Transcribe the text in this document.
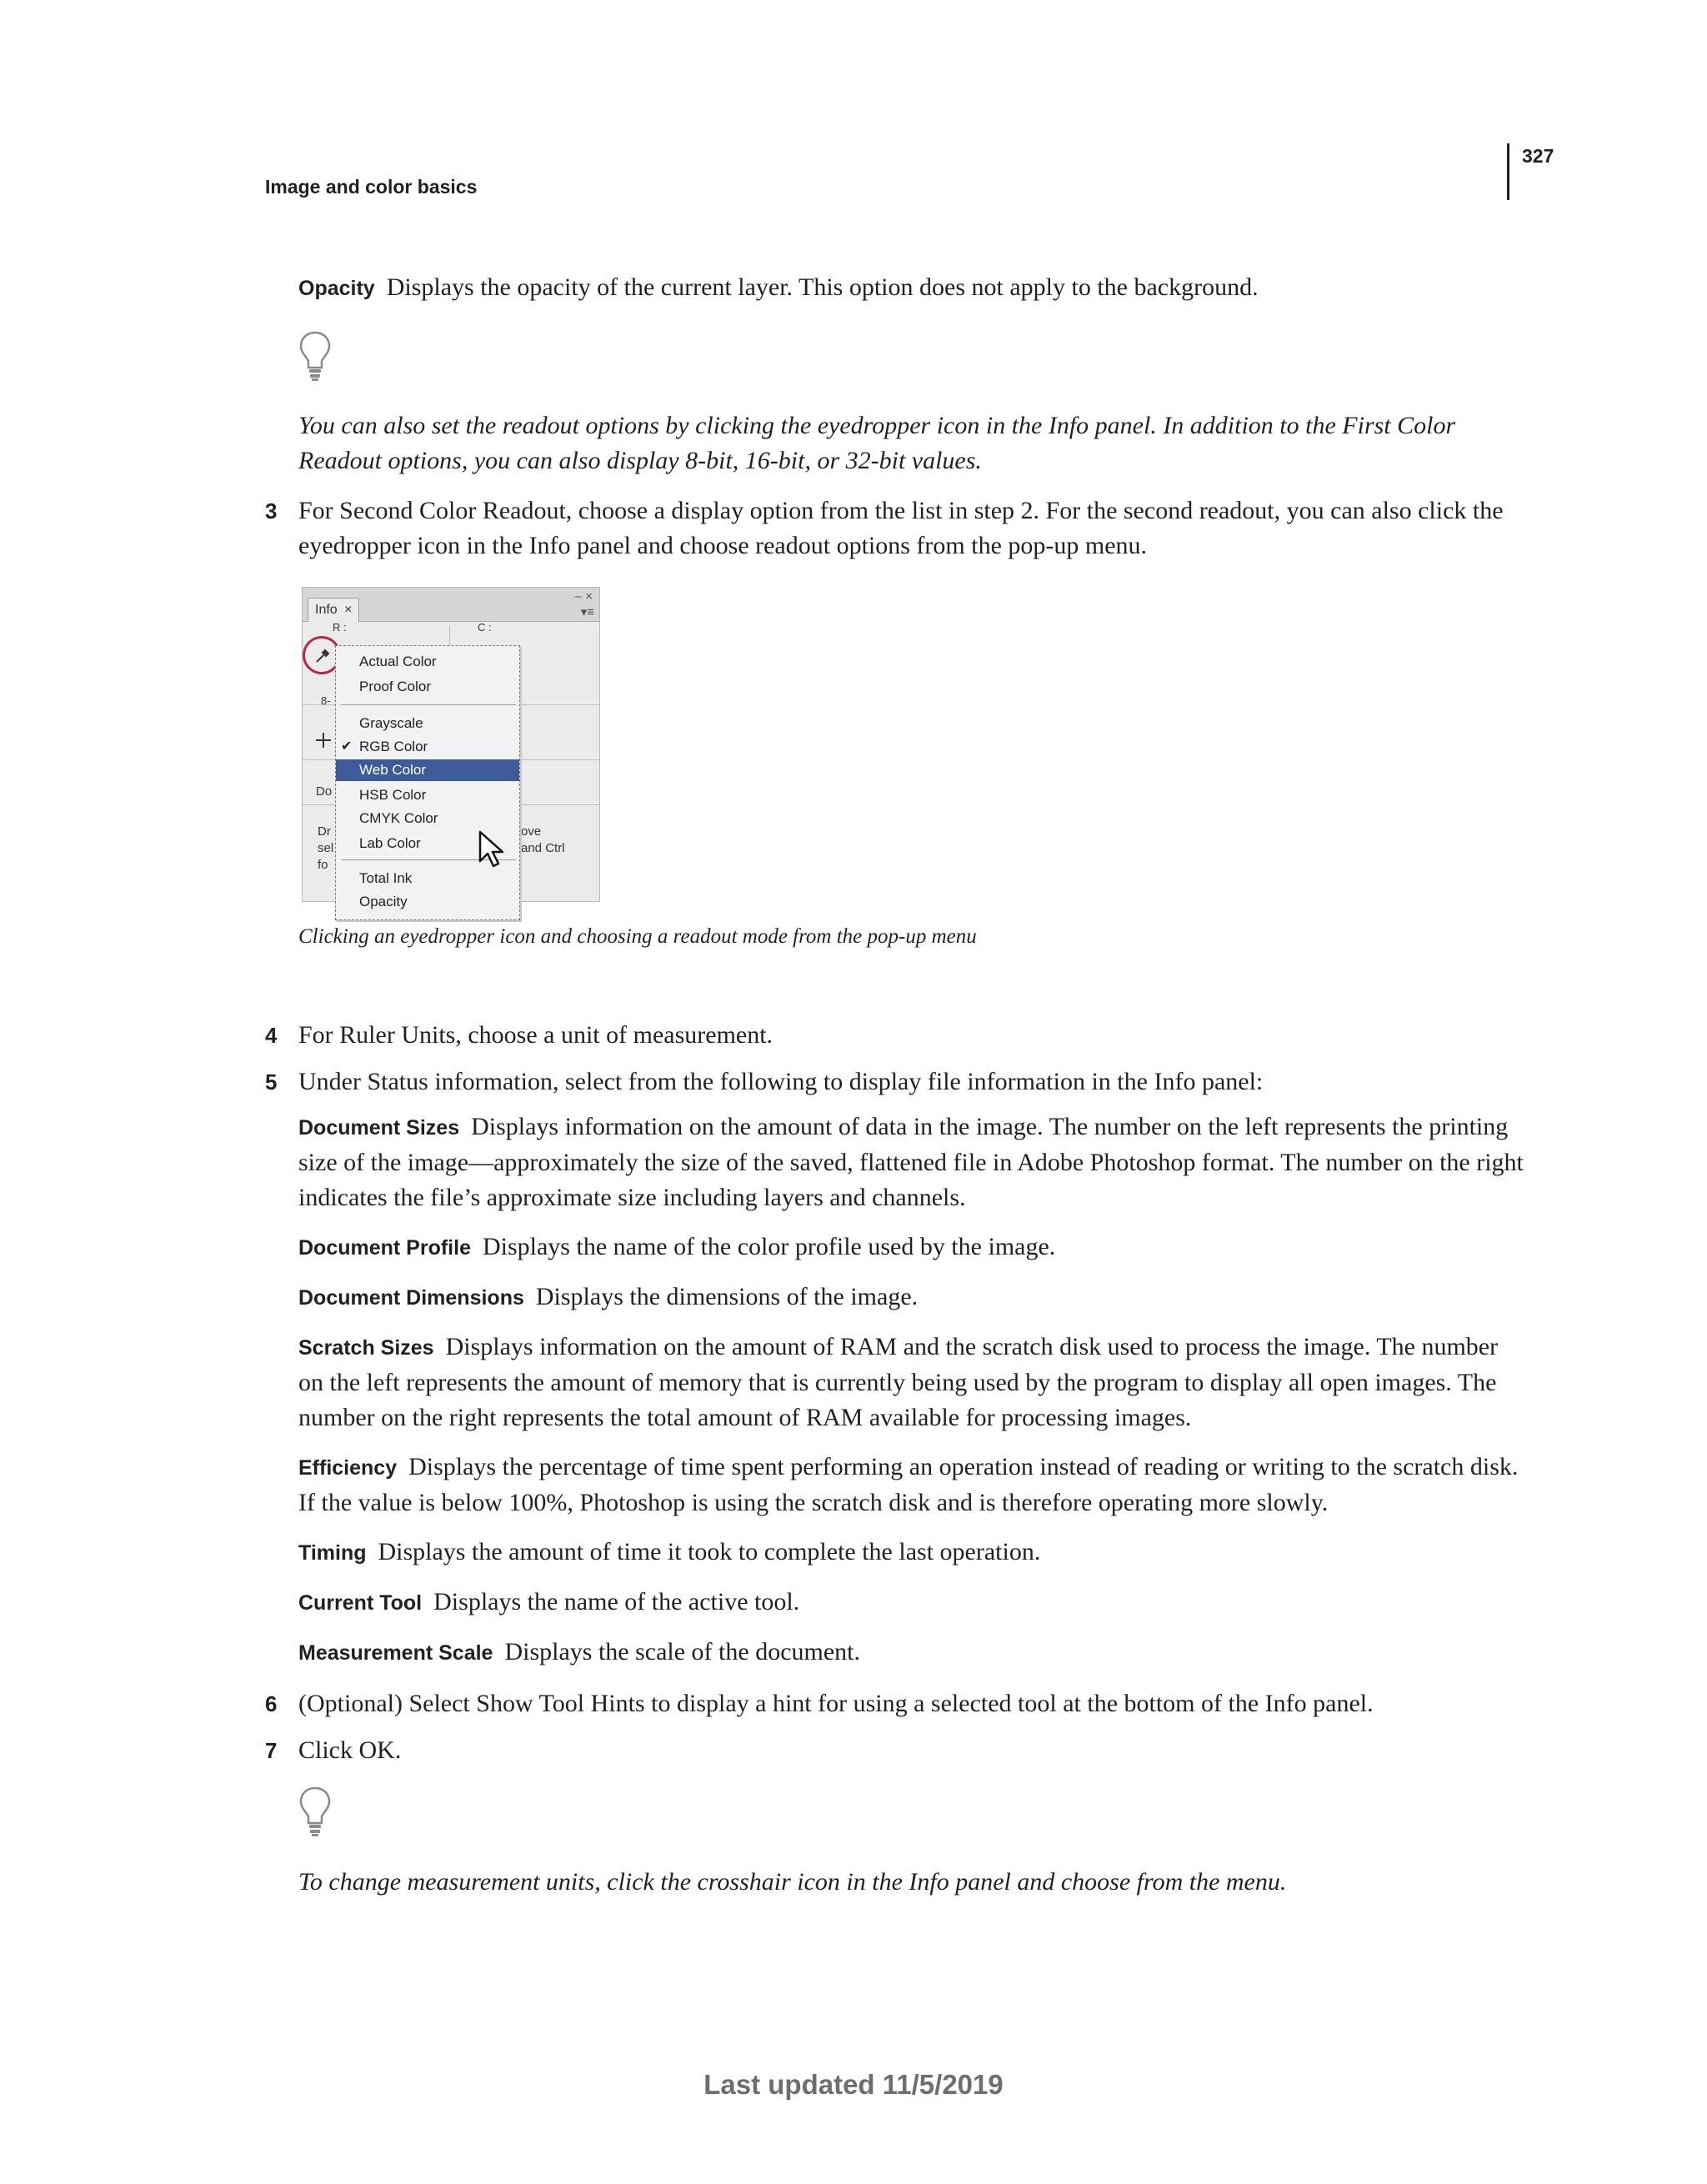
327
Image and color basics

Opacity Displays the opacity of the current layer. This option does not apply to the background.

You can also set the readout options by clicking the eyedropper icon in the Info panel. In addition to the First Color Readout options, you can also display 8-bit, 16-bit, or 32-bit values.

3 For Second Color Readout, choose a display option from the list in step 2. For the second readout, you can also click the eyedropper icon in the Info panel and choose readout options from the pop-up menu.
Info ×
– ×
▾≡
R :	C :
8-
Do
Dr
sel
fo
ove
and Ctrl
Actual Color
Proof Color
Grayscale
✔ RGB Color
Web Color
HSB Color
CMYK Color
Lab Color
Total Ink
Opacity
Clicking an eyedropper icon and choosing a readout mode from the pop-up menu
4 For Ruler Units, choose a unit of measurement.
5 Under Status information, select from the following to display file information in the Info panel:

Document Sizes Displays information on the amount of data in the image. The number on the left represents the printing size of the image—approximately the size of the saved, flattened file in Adobe Photoshop format. The number on the right indicates the file’s approximate size including layers and channels.

Document Profile Displays the name of the color profile used by the image.

Document Dimensions Displays the dimensions of the image.

Scratch Sizes Displays information on the amount of RAM and the scratch disk used to process the image. The number on the left represents the amount of memory that is currently being used by the program to display all open images. The number on the right represents the total amount of RAM available for processing images.

Efficiency Displays the percentage of time spent performing an operation instead of reading or writing to the scratch disk. If the value is below 100%, Photoshop is using the scratch disk and is therefore operating more slowly.

Timing Displays the amount of time it took to complete the last operation.

Current Tool Displays the name of the active tool.

Measurement Scale Displays the scale of the document.

6 (Optional) Select Show Tool Hints to display a hint for using a selected tool at the bottom of the Info panel.
7 Click OK.

To change measurement units, click the crosshair icon in the Info panel and choose from the menu.

Last updated 11/5/2019
